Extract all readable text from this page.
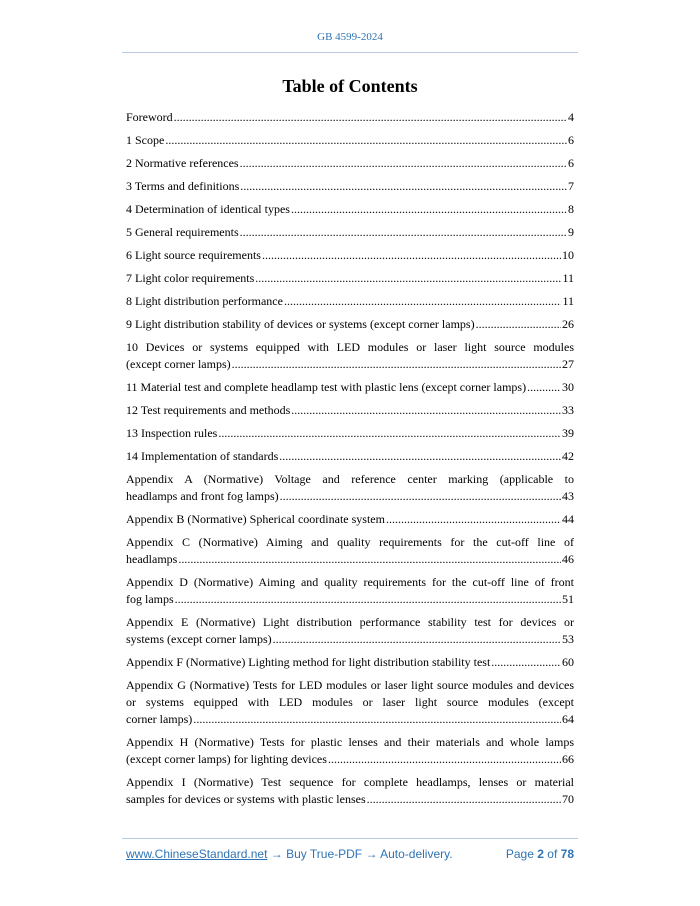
GB 4599-2024
Table of Contents
Foreword .....	4
1 Scope .....	6
2 Normative references .....	6
3 Terms and definitions .....	7
4 Determination of identical types .....	8
5 General requirements .....	9
6 Light source requirements .....	10
7 Light color requirements .....	11
8 Light distribution performance .....	11
9 Light distribution stability of devices or systems (except corner lamps) .....	26
10 Devices or systems equipped with LED modules or laser light source modules
(except corner lamps) .....	27
11 Material test and complete headlamp test with plastic lens (except corner lamps) .....	30
12 Test requirements and methods .....	33
13 Inspection rules .....	39
14 Implementation of standards .....	42
Appendix A (Normative) Voltage and reference center marking (applicable to
headlamps and front fog lamps) .....	43
Appendix B (Normative) Spherical coordinate system .....	44
Appendix C (Normative) Aiming and quality requirements for the cut-off line of
headlamps .....	46
Appendix D (Normative) Aiming and quality requirements for the cut-off line of front
fog lamps .....	51
Appendix E (Normative) Light distribution performance stability test for devices or
systems (except corner lamps) .....	53
Appendix F (Normative) Lighting method for light distribution stability test .....	60
Appendix G (Normative) Tests for LED modules or laser light source modules and devices or systems equipped with LED modules or laser light source modules (except
corner lamps) .....	64
Appendix H (Normative) Tests for plastic lenses and their materials and whole lamps
(except corner lamps) for lighting devices .....	66
Appendix I (Normative) Test sequence for complete headlamps, lenses or material
samples for devices or systems with plastic lenses .....	70
www.ChineseStandard.net → Buy True-PDF → Auto-delivery.	Page 2 of 78
